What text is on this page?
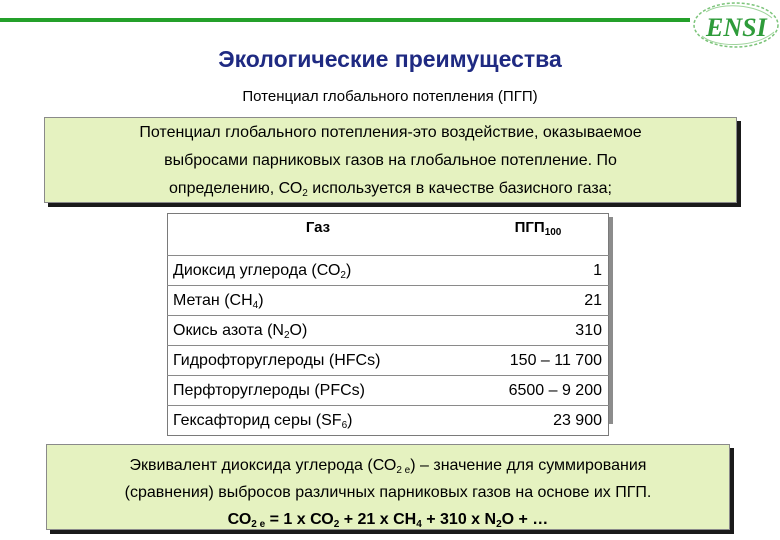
ENSI
Экологические преимущества
Потенциал глобального потепления (ПГП)

Потенциал глобального потепления-это воздействие, оказываемое

выбросами парниковых газов на глобальное потепление. По

определению, $СО_2$ используется в качестве базисного газа;

Газ	$ПГП_{100}$
Диоксид углерода $(СО_2)$	1
Метан $(СН_4)$	21
Окись азота $(N_2O)$	310
Гидрофторуглероды (HFCs)	150 – 11 700
Перфторуглероды (PFCs)	6500 – 9 200
Гексафторид серы $(SF_6)$	23 900

Эквивалент диоксида углерода $(СО_{2 е})$ – значение для суммирования

(сравнения) выбросов различных парниковых газов на основе их ПГП.

$СО_{2 е} = 1$ х $СО_2 + 21$ х $СН_4 + 310$ х $N_2O$ + …
